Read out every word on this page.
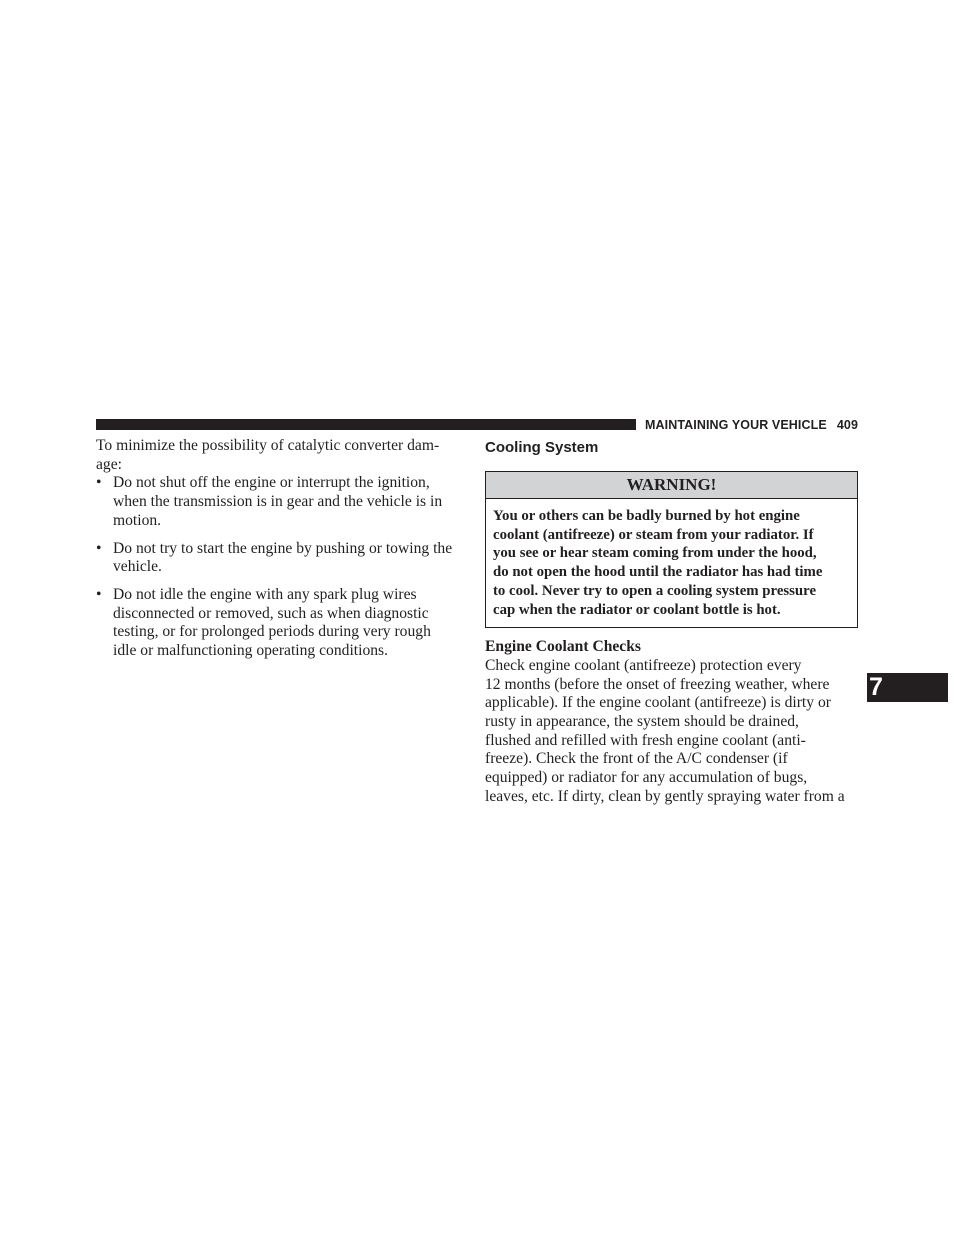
MAINTAINING YOUR VEHICLE 409

To minimize the possibility of catalytic converter dam-
age:

• Do not shut off the engine or interrupt the ignition,
when the transmission is in gear and the vehicle is in
motion.
• Do not try to start the engine by pushing or towing the
vehicle.
• Do not idle the engine with any spark plug wires
disconnected or removed, such as when diagnostic
testing, or for prolonged periods during very rough
idle or malfunctioning operating conditions.
Cooling System
WARNING!

You or others can be badly burned by hot engine
coolant (antifreeze) or steam from your radiator. If
you see or hear steam coming from under the hood,
do not open the hood until the radiator has had time
to cool. Never try to open a cooling system pressure
cap when the radiator or coolant bottle is hot.

Engine Coolant Checks

Check engine coolant (antifreeze) protection every
12 months (before the onset of freezing weather, where
applicable). If the engine coolant (antifreeze) is dirty or
rusty in appearance, the system should be drained,
flushed and refilled with fresh engine coolant (anti-
freeze). Check the front of the A/C condenser (if
equipped) or radiator for any accumulation of bugs,
leaves, etc. If dirty, clean by gently spraying water from a

7
